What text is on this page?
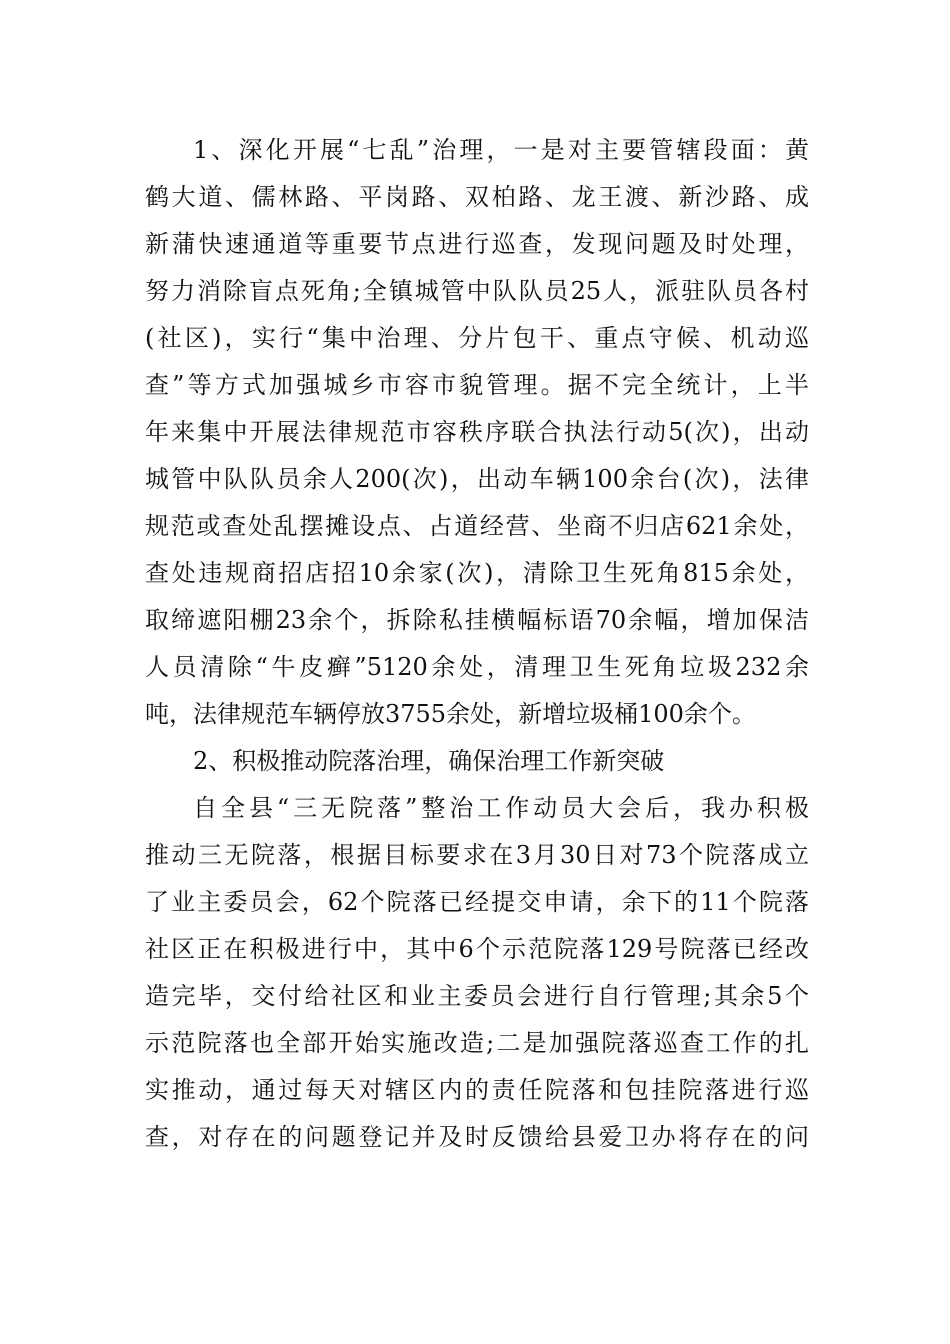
1、深化开展“七乱”治理，一是对主要管辖段面：黄
鹤大道、儒林路、平岗路、双柏路、龙王渡、新沙路、成
新蒲快速通道等重要节点进行巡查，发现问题及时处理，
努力消除盲点死角;全镇城管中队队员25人，派驻队员各村
(社区)，实行“集中治理、分片包干、重点守候、机动巡
查”等方式加强城乡市容市貌管理。据不完全统计，上半
年来集中开展法律规范市容秩序联合执法行动5(次)，出动
城管中队队员余人200(次)，出动车辆100余台(次)，法律
规范或查处乱摆摊设点、占道经营、坐商不归店621余处，
查处违规商招店招10余家(次)，清除卫生死角815余处，
取缔遮阳棚23余个，拆除私挂横幅标语70余幅，增加保洁
人员清除“牛皮癣”5120余处，清理卫生死角垃圾232余
吨，法律规范车辆停放3755余处，新增垃圾桶100余个。
2、积极推动院落治理，确保治理工作新突破
自全县“三无院落”整治工作动员大会后，我办积极
推动三无院落，根据目标要求在3月30日对73个院落成立
了业主委员会，62个院落已经提交申请，余下的11个院落
社区正在积极进行中，其中6个示范院落129号院落已经改
造完毕，交付给社区和业主委员会进行自行管理;其余5个
示范院落也全部开始实施改造;二是加强院落巡查工作的扎
实推动，通过每天对辖区内的责任院落和包挂院落进行巡
查，对存在的问题登记并及时反馈给县爱卫办将存在的问
